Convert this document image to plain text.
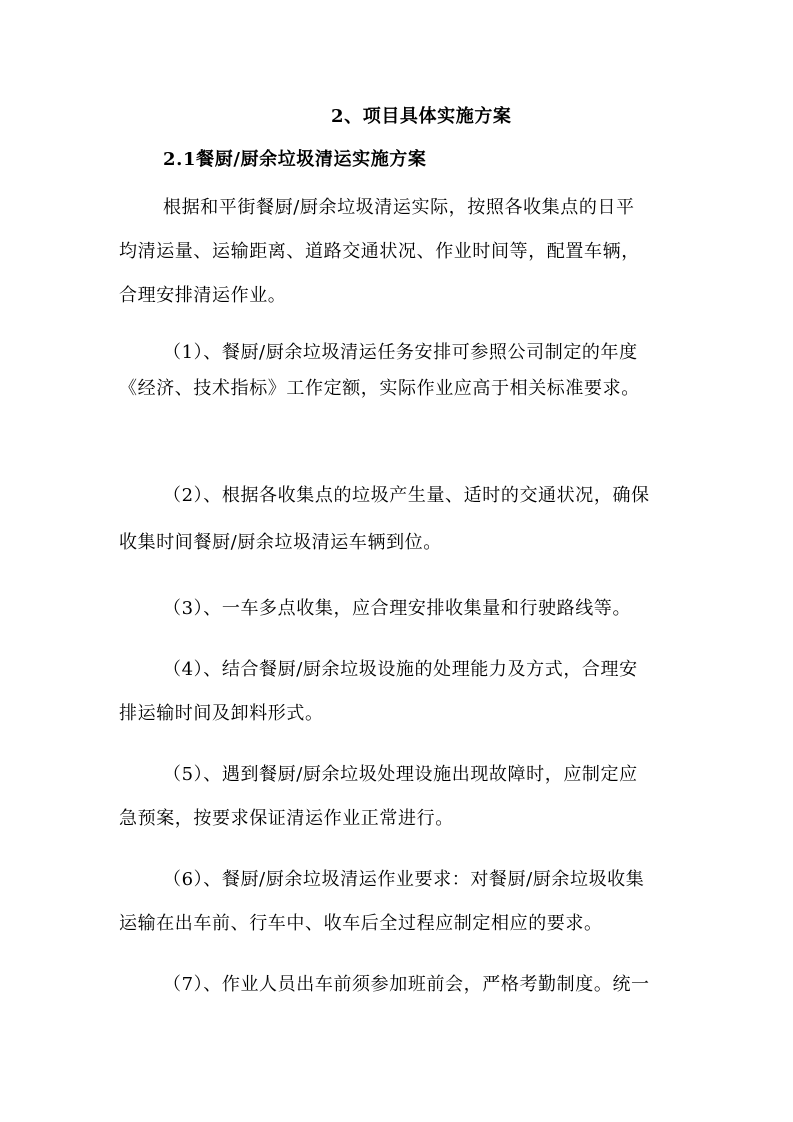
2、项目具体实施方案
2.1餐厨/厨余垃圾清运实施方案
根据和平街餐厨/厨余垃圾清运实际，按照各收集点的日平
均清运量、运输距离、道路交通状况、作业时间等，配置车辆，
合理安排清运作业。
（1）、餐厨/厨余垃圾清运任务安排可参照公司制定的年度
《经济、技术指标》工作定额，实际作业应高于相关标准要求。
（2）、根据各收集点的垃圾产生量、适时的交通状况，确保
收集时间餐厨/厨余垃圾清运车辆到位。
（3）、一车多点收集，应合理安排收集量和行驶路线等。
（4）、结合餐厨/厨余垃圾设施的处理能力及方式，合理安
排运输时间及卸料形式。
（5）、遇到餐厨/厨余垃圾处理设施出现故障时，应制定应
急预案，按要求保证清运作业正常进行。
（6）、餐厨/厨余垃圾清运作业要求：对餐厨/厨余垃圾收集
运输在出车前、行车中、收车后全过程应制定相应的要求。
（7）、作业人员出车前须参加班前会，严格考勤制度。统一
